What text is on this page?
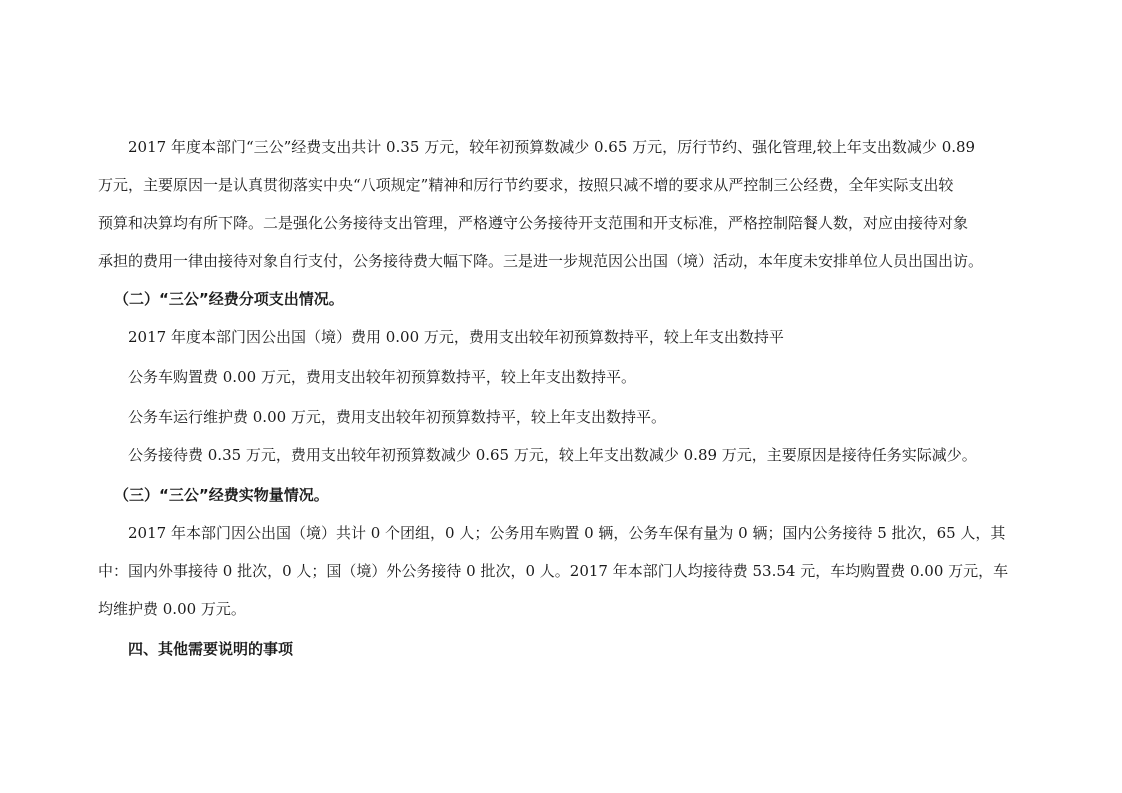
2017 年度本部门“三公”经费支出共计 0.35 万元，较年初预算数减少 0.65 万元，厉行节约、强化管理,较上年支出数减少 0.89

万元，主要原因一是认真贯彻落实中央“八项规定”精神和厉行节约要求，按照只减不增的要求从严控制三公经费，全年实际支出较

预算和决算均有所下降。二是强化公务接待支出管理，严格遵守公务接待开支范围和开支标准，严格控制陪餐人数，对应由接待对象

承担的费用一律由接待对象自行支付，公务接待费大幅下降。三是进一步规范因公出国（境）活动，本年度未安排单位人员出国出访。

（二）“三公”经费分项支出情况。

2017 年度本部门因公出国（境）费用 0.00 万元，费用支出较年初预算数持平，较上年支出数持平

公务车购置费 0.00 万元，费用支出较年初预算数持平，较上年支出数持平。

公务车运行维护费 0.00 万元，费用支出较年初预算数持平，较上年支出数持平。

公务接待费 0.35 万元，费用支出较年初预算数减少 0.65 万元，较上年支出数减少 0.89 万元，主要原因是接待任务实际减少。

（三）“三公”经费实物量情况。

2017 年本部门因公出国（境）共计 0 个团组，0 人；公务用车购置 0 辆，公务车保有量为 0 辆；国内公务接待 5 批次，65 人，其

中：国内外事接待 0 批次，0 人；国（境）外公务接待 0 批次，0 人。2017 年本部门人均接待费 53.54 元，车均购置费 0.00 万元，车

均维护费 0.00 万元。

四、其他需要说明的事项
